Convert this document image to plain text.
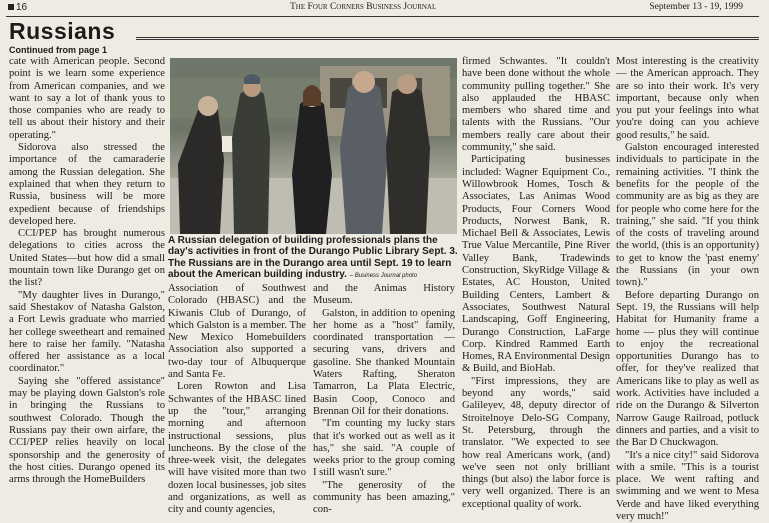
16	The Four Corners Business Journal	September 13 - 19, 1999
Russians
Continued from page 1

cate with American people. Second point is we learn some experience from American companies, and we want to say a lot of thank yous to those companies who are ready to tell us about their history and their operating."

Sidorova also stressed the importance of the camaraderie among the Russian delegation. She explained that when they return to Russia, business will be more expedient because of friendships developed here.

CCI/PEP has brought numerous delegations to cities across the United States—but how did a small mountain town like Durango get on the list?

"My daughter lives in Durango," said Shestakov of Natasha Galston, a Fort Lewis graduate who married her college sweetheart and remained here to raise her family. "Natasha offered her assistance as a local coordinator."

Saying she "offered assistance" may be playing down Galston's role in bringing the Russians to southwest Colorado. Though the Russians pay their own airfare, the CCI/PEP relies heavily on local sponsorship and the generosity of the host cities. Durango opened its arms through the HomeBuilders

A Russian delegation of building professionals plans the day's activities in front of the Durango Public Library Sept. 3. The Russians are in the Durango area until Sept. 19 to learn about the American building industry. – Business Journal photo

Association of Southwest Colorado (HBASC) and the Kiwanis Club of Durango, of which Galston is a member. The New Mexico Homebuilders Association also supported a two-day tour of Albuquerque and Santa Fe.

Loren Rowton and Lisa Schwantes of the HBASC lined up the "tour," arranging morning and afternoon instructional sessions, plus luncheons. By the close of the three-week visit, the delegates will have visited more than two dozen local businesses, job sites and organizations, as well as city and county agencies,

and the Animas History Museum.

Galston, in addition to opening her home as a "host" family, coordinated transportation — securing vans, drivers and gasoline. She thanked Mountain Waters Rafting, Sheraton Tamarron, La Plata Electric, Basin Coop, Conoco and Brennan Oil for their donations.

"I'm counting my lucky stars that it's worked out as well as it has," she said. "A couple of weeks prior to the group coming I still wasn't sure."

"The generosity of the community has been amazing," con-

firmed Schwantes. "It couldn't have been done without the whole community pulling together." She also applauded the HBASC members who shared time and talents with the Russians. "Our members really care about their community," she said.

Participating businesses included: Wagner Equipment Co., Willowbrook Homes, Tosch & Associates, Las Animas Wood Products, Four Corners Wood Products, Norwest Bank, R. Michael Bell & Associates, Lewis True Value Mercantile, Pine River Valley Bank, Tradewinds Construction, SkyRidge Village & Estates, AC Houston, United Building Centers, Lambert & Associates, Southwest Natural Landscaping, Goff Engineering, Durango Construction, LaFarge Corp. Kindred Rammed Earth Homes, RA Environmental Design & Build, and BioHab.

"First impressions, they are beyond any words," said Galileyev, 48, deputy director of Stroitelnoye Delo-SG Company, St. Petersburg, through the translator. "We expected to see how real Americans work, (and) we've seen not only brilliant things (but also) the labor force is very well organized. There is an exceptional quality of work.

Most interesting is the creativity — the American approach. They are so into their work. It's very important, because only when you put your feelings into what you're doing can you achieve good results," he said.

Galston encouraged interested individuals to participate in the remaining activities. "I think the benefits for the people of the community are as big as they are for people who come here for the training," she said. "If you think of the costs of traveling around the world, (this is an opportunity) to get to know the 'past enemy' the Russians (in your own town)."

Before departing Durango on Sept. 19, the Russians will help Habitat for Humanity frame a home — plus they will continue to enjoy the recreational opportunities Durango has to offer, for they've realized that Americans like to play as well as work. Activities have included a ride on the Durango & Silverton Narrow Gauge Railroad, potluck dinners and parties, and a visit to the Bar D Chuckwagon.

"It's a nice city!" said Sidorova with a smile. "This is a tourist place. We went rafting and swimming and we went to Mesa Verde and have liked everything very much!"
